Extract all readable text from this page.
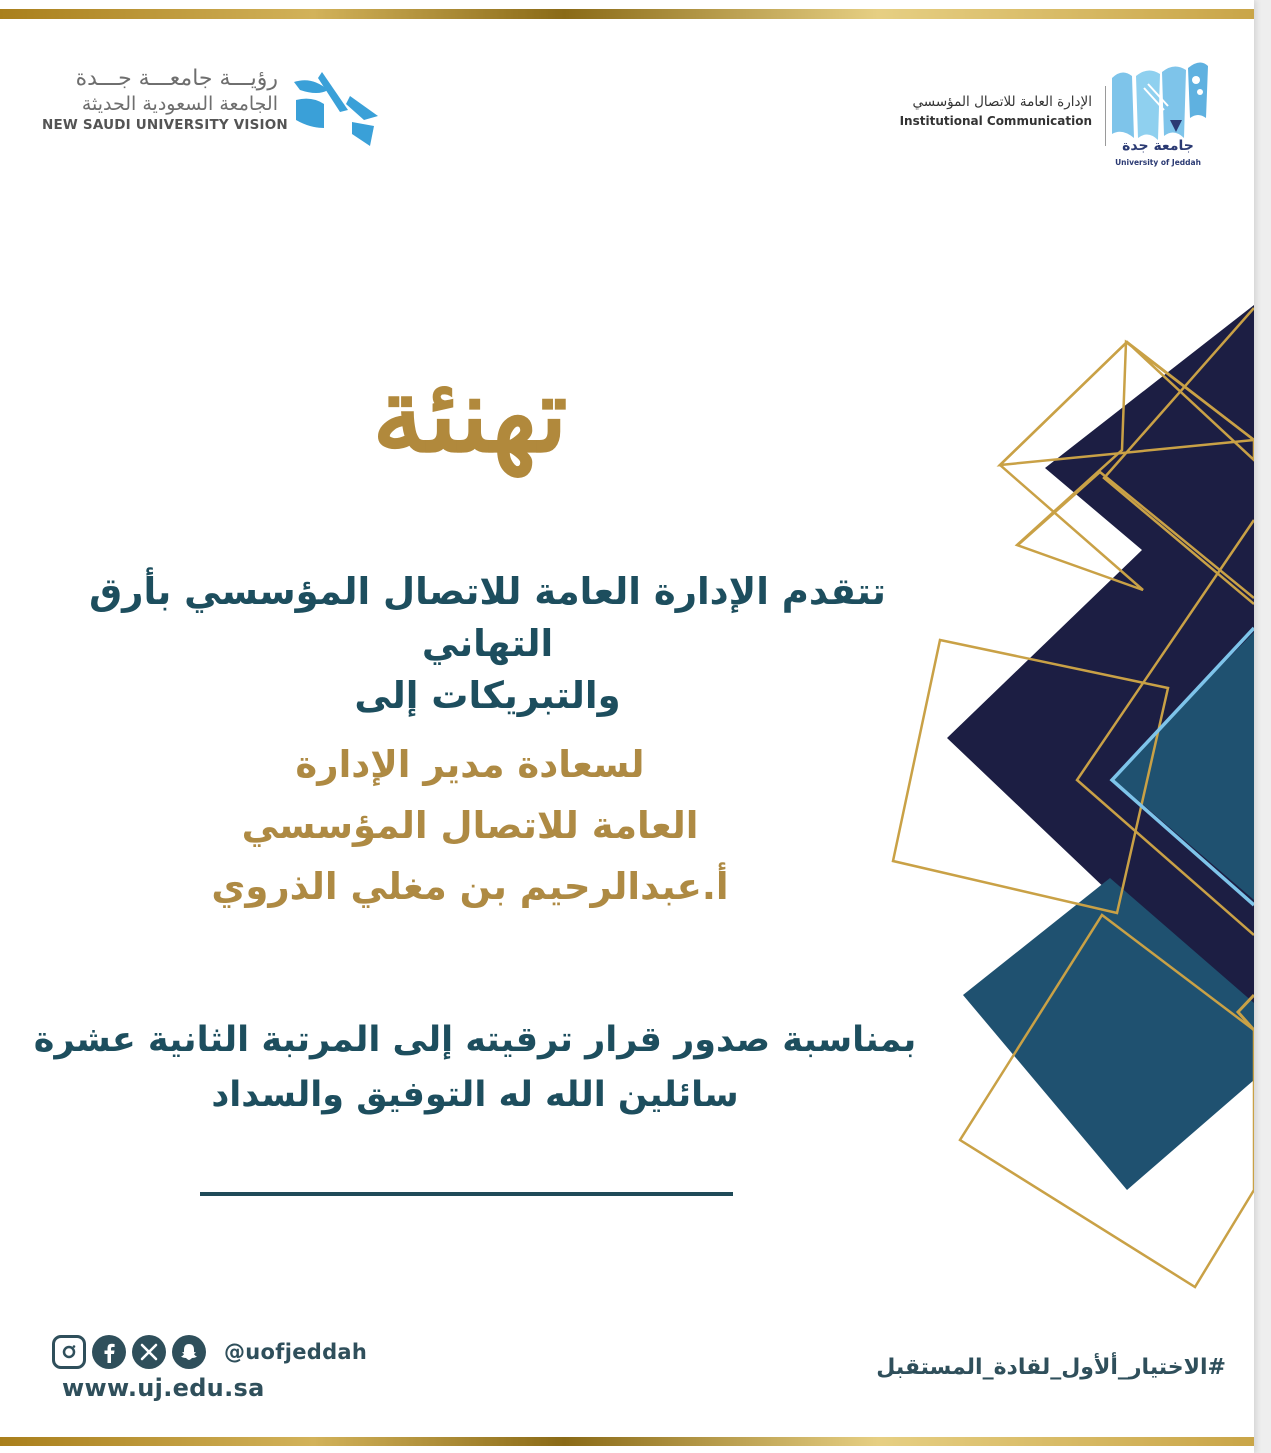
رؤيـــة جامعـــة جـــدة
الجامعة السعودية الحديثة
NEW SAUDI UNIVERSITY VISION
الإدارة العامة للاتصال المؤسسي
Institutional Communication
جامعة جدة
University of Jeddah
تهنئة
تتقدم الإدارة العامة للاتصال المؤسسي بأرق التهاني
والتبريكات إلى
لسعادة مدير الإدارة
العامة للاتصال المؤسسي
أ.عبدالرحيم بن مغلي الذروي
بمناسبة صدور قرار ترقيته إلى المرتبة الثانية عشرة
سائلين الله له التوفيق والسداد
@uofjeddah
www.uj.edu.sa
#الاختيار_ألأول_لقادة_المستقبل
